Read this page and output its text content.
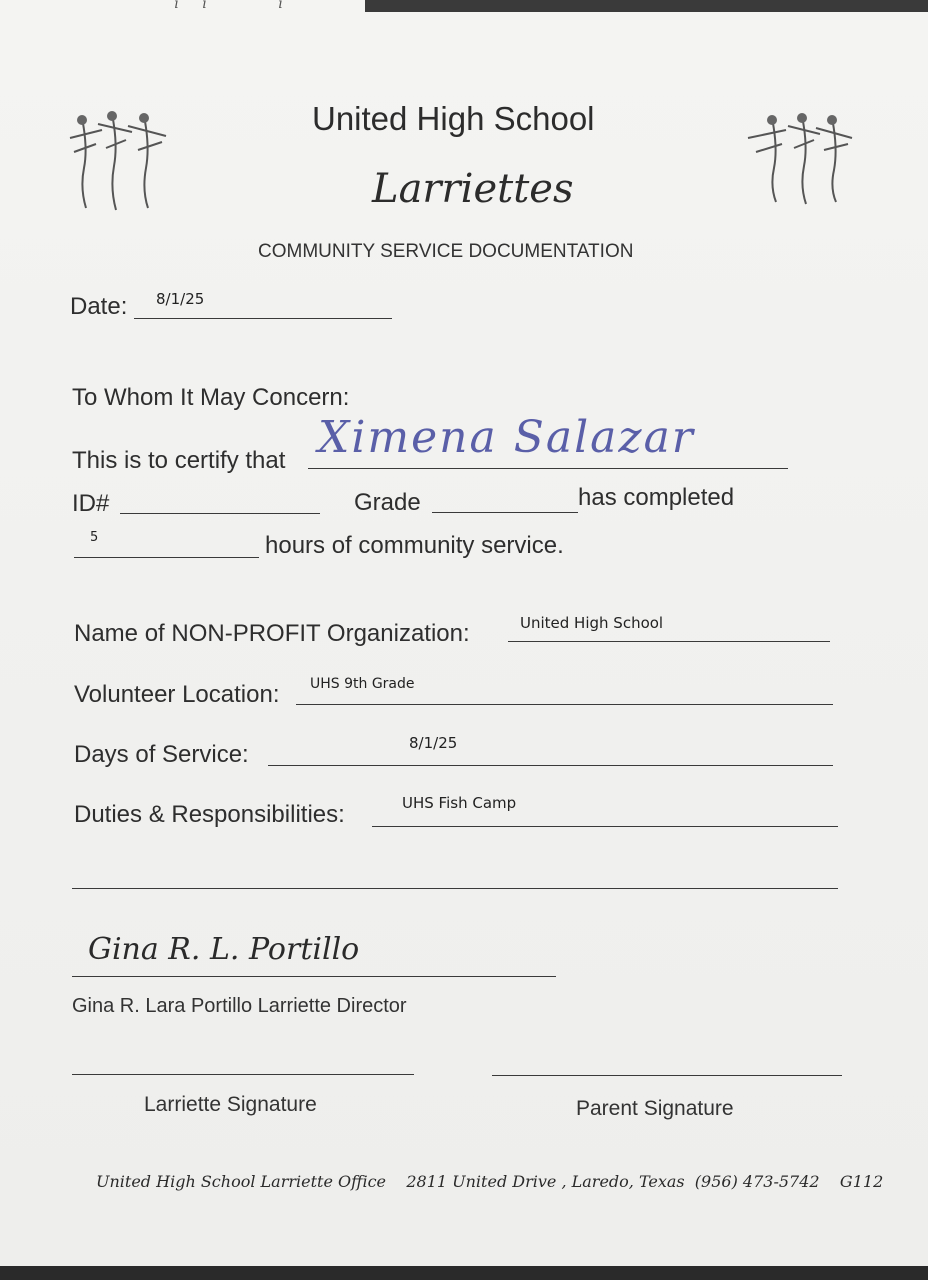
ı ı	ı
United High School
Larriettes
COMMUNITY SERVICE DOCUMENTATION
Date: 8/1/25
To Whom It May Concern:
This is to certify that Ximena Salazar
ID#	Grade	has completed
5	hours of community service.
Name of NON-PROFIT Organization:	United High School
Volunteer Location: UHS 9th Grade
Days of Service:	8/1/25
Duties & Responsibilities:	UHS Fish Camp
Gina R. L. Portillo
Gina R. Lara Portillo Larriette Director
Larriette Signature	Parent Signature
United High School Larriette Office    2811 United Drive , Laredo, Texas  (956) 473-5742    G112
